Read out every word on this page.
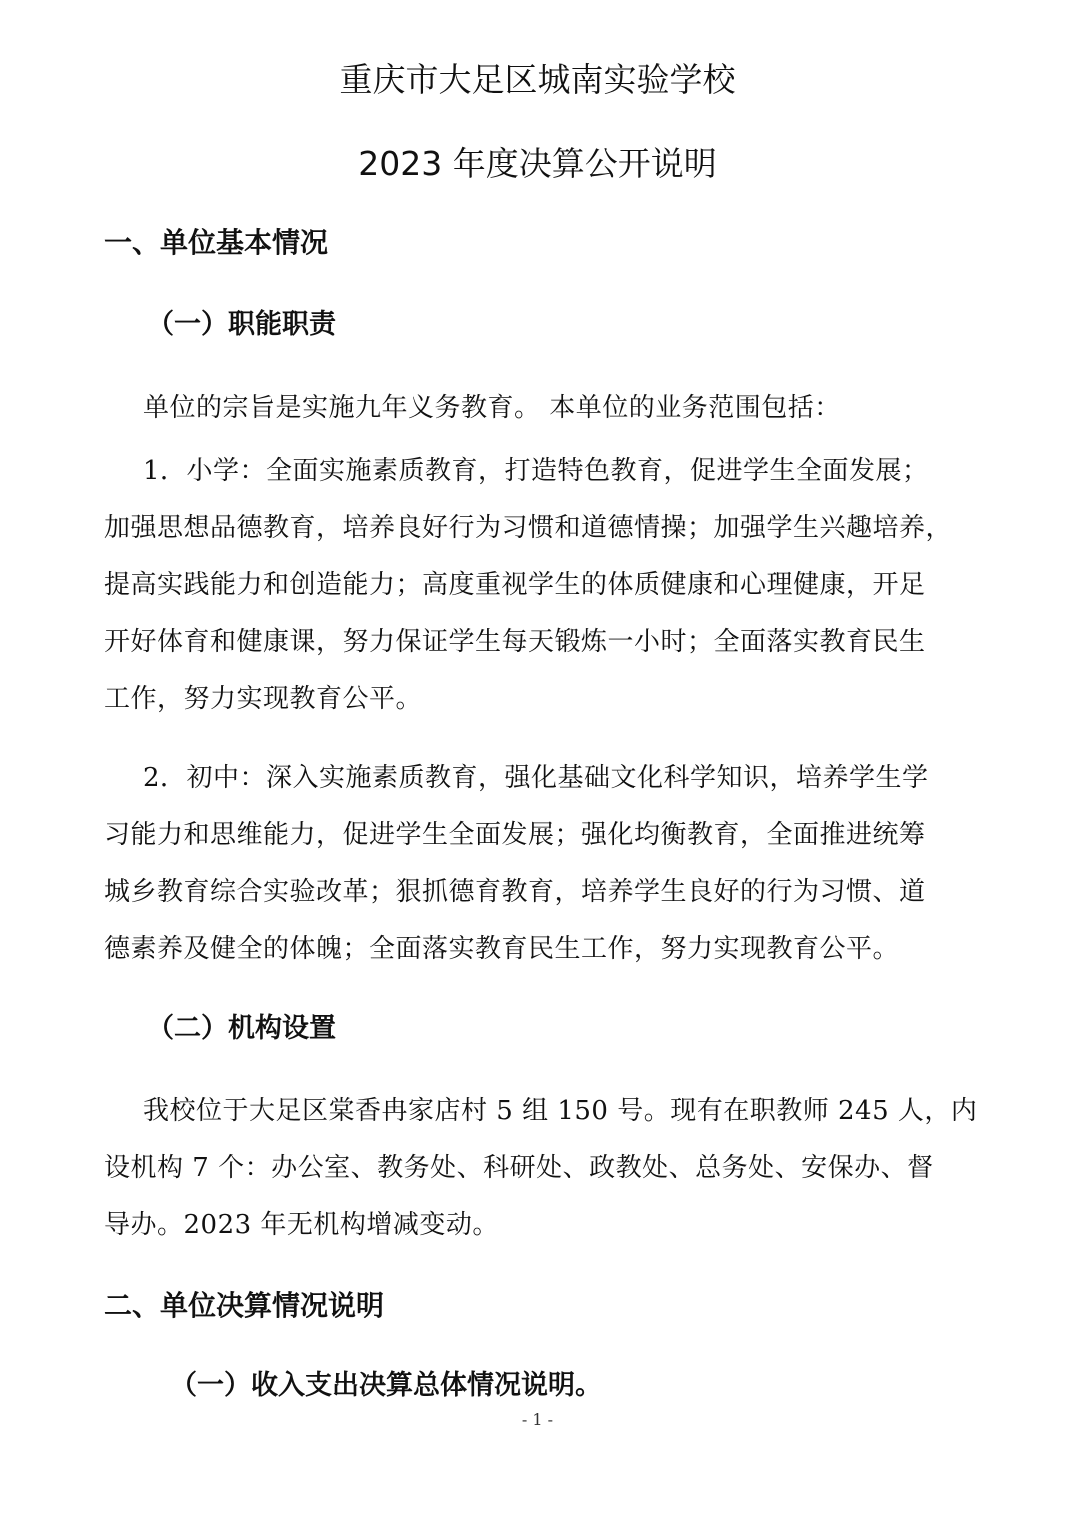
重庆市大足区城南实验学校
2023 年度决算公开说明
一、单位基本情况
（一）职能职责

单位的宗旨是实施九年义务教育。 本单位的业务范围包括：

1．小学：全面实施素质教育，打造特色教育，促进学生全面发展；

加强思想品德教育，培养良好行为习惯和道德情操；加强学生兴趣培养，

提高实践能力和创造能力；高度重视学生的体质健康和心理健康，开足

开好体育和健康课，努力保证学生每天锻炼一小时；全面落实教育民生

工作，努力实现教育公平。

2．初中：深入实施素质教育，强化基础文化科学知识，培养学生学

习能力和思维能力，促进学生全面发展；强化均衡教育，全面推进统筹

城乡教育综合实验改革；狠抓德育教育，培养学生良好的行为习惯、道

德素养及健全的体魄；全面落实教育民生工作，努力实现教育公平。

（二）机构设置

我校位于大足区棠香冉家店村 5 组 150 号。现有在职教师 245 人，内

设机构 7 个：办公室、教务处、科研处、政教处、总务处、安保办、督

导办。2023 年无机构增减变动。

二、单位决算情况说明
（一）收入支出决算总体情况说明。
- 1 -
